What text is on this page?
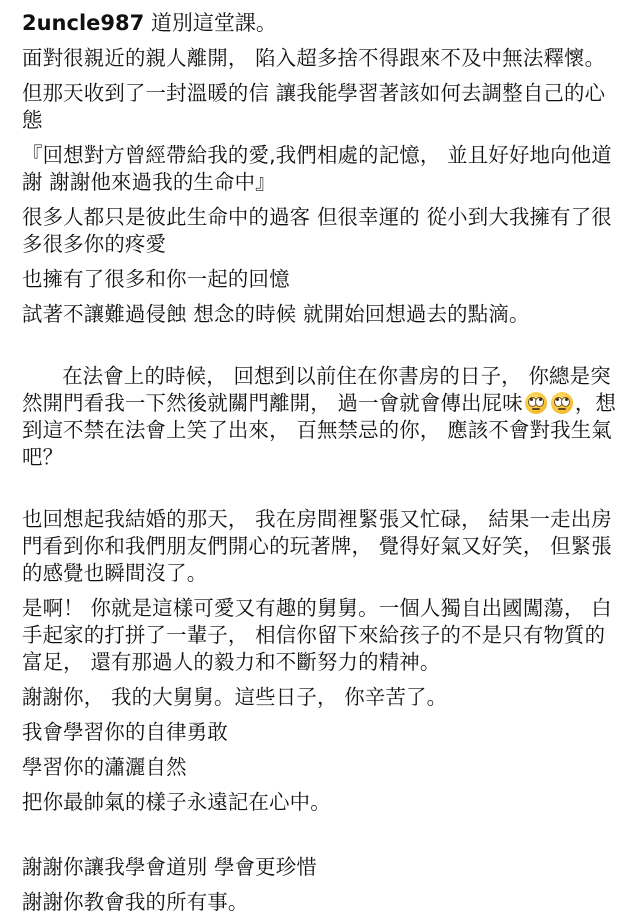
2uncle987 道別這堂課。
面對很親近的親人離開， 陷入超多捨不得跟來不及中無法釋懷。
但那天收到了一封溫暖的信 讓我能學習著該如何去調整自己的心態
『回想對方曾經帶給我的愛,我們相處的記憶， 並且好好地向他道謝 謝謝他來過我的生命中』
很多人都只是彼此生命中的過客 但很幸運的 從小到大我擁有了很多很多你的疼愛
也擁有了很多和你一起的回憶
試著不讓難過侵蝕 想念的時候 就開始回想過去的點滴。

在法會上的時候， 回想到以前住在你書房的日子， 你總是突然開門看我一下然後就關門離開， 過一會就會傳出屁味	，想到這不禁在法會上笑了出來， 百無禁忌的你， 應該不會對我生氣吧？

也回想起我結婚的那天， 我在房間裡緊張又忙碌， 結果一走出房門看到你和我們朋友們開心的玩著牌， 覺得好氣又好笑， 但緊張的感覺也瞬間沒了。
是啊！ 你就是這樣可愛又有趣的舅舅。一個人獨自出國闖蕩， 白手起家的打拼了一輩子， 相信你留下來給孩子的不是只有物質的富足， 還有那過人的毅力和不斷努力的精神。
謝謝你， 我的大舅舅。這些日子， 你辛苦了。
我會學習你的自律勇敢
學習你的瀟灑自然
把你最帥氣的樣子永遠記在心中。
謝謝你讓我學會道別 學會更珍惜
謝謝你教會我的所有事。
